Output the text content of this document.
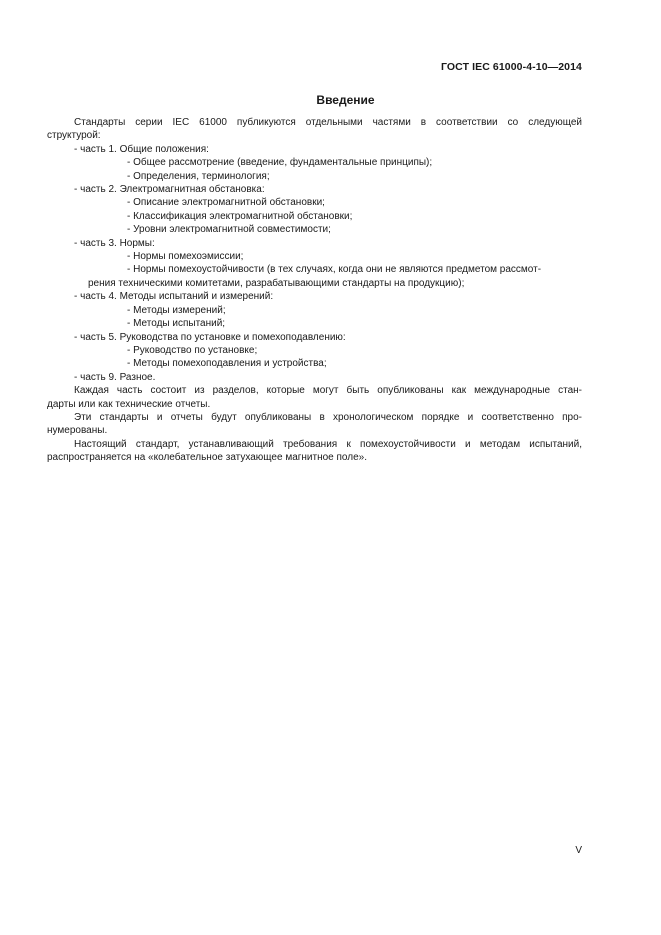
ГОСТ IEC 61000-4-10—2014
Введение
Стандарты серии IEC 61000 публикуются отдельными частями в соответствии со следующей
структурой:
- часть 1. Общие положения:
- Общее рассмотрение (введение, фундаментальные принципы);
- Определения, терминология;
- часть 2. Электромагнитная обстановка:
- Описание электромагнитной обстановки;
- Классификация электромагнитной обстановки;
- Уровни электромагнитной совместимости;
- часть 3. Нормы:
- Нормы помехоэмиссии;
- Нормы помехоустойчивости (в тех случаях, когда они не являются предметом рассмот-
рения техническими комитетами, разрабатывающими стандарты на продукцию);
- часть 4. Методы испытаний и измерений:
- Методы измерений;
- Методы испытаний;
- часть 5. Руководства по установке и помехоподавлению:
- Руководство по установке;
- Методы помехоподавления и устройства;
- часть 9. Разное.
Каждая часть состоит из разделов, которые могут быть опубликованы как международные стан-
дарты или как технические отчеты.
Эти стандарты и отчеты будут опубликованы в хронологическом порядке и соответственно про-
нумерованы.
Настоящий стандарт, устанавливающий требования к помехоустойчивости и методам испытаний,
распространяется на «колебательное затухающее магнитное поле».
V
